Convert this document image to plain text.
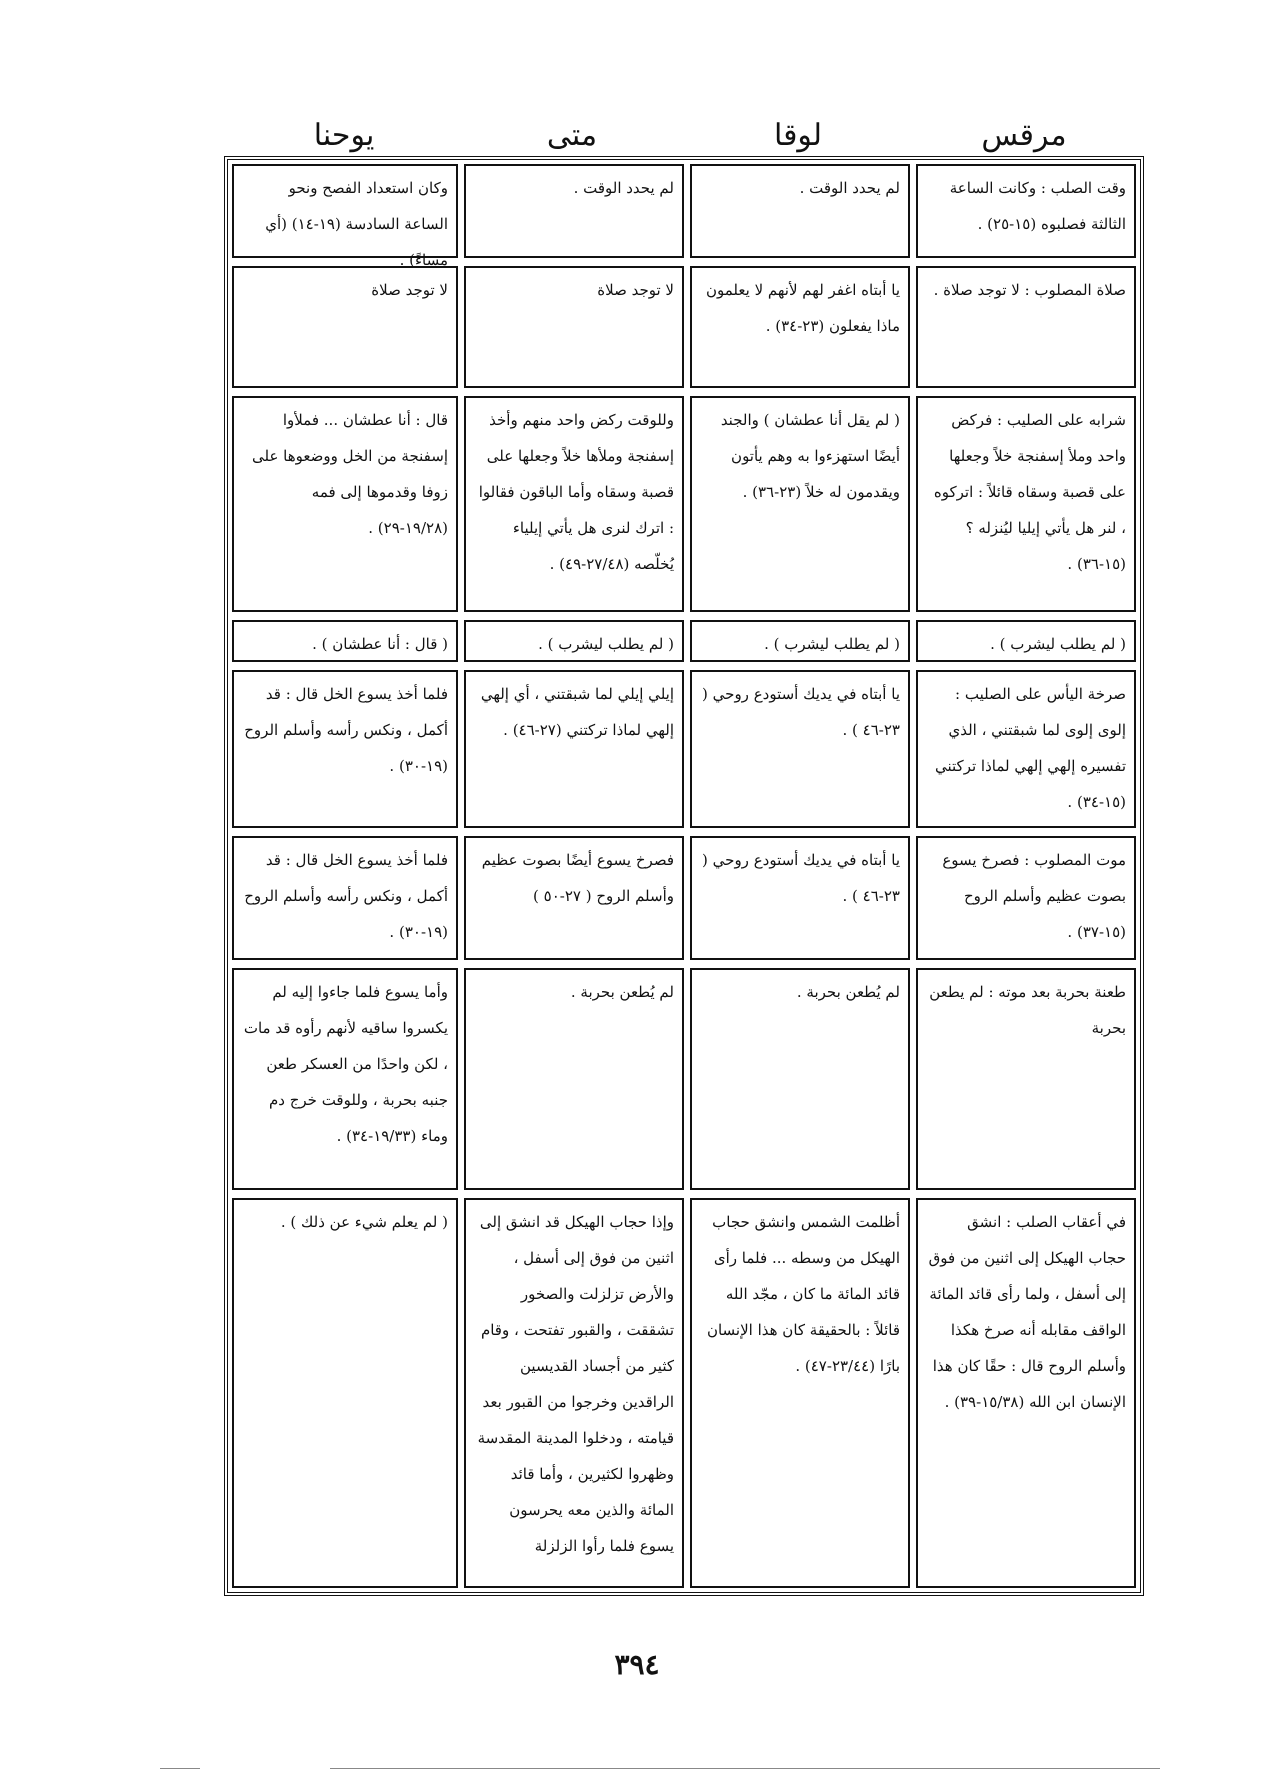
مرقس
لوقا
متى
يوحنا
وقت الصلب : وكانت الساعة الثالثة فصلبوه (١٥-٢٥) .
لم يحدد الوقت .
لم يحدد الوقت .
وكان استعداد الفصح ونحو الساعة السادسة (١٩-١٤) (أي مساءً) .
صلاة المصلوب : لا توجد صلاة .
يا أبتاه اغفر لهم لأنهم لا يعلمون ماذا يفعلون (٢٣-٣٤) .
لا توجد صلاة
لا توجد صلاة
شرابه على الصليب : فركض واحد وملأ إسفنجة خلاً وجعلها على قصبة وسقاه قائلاً : اتركوه ، لنر هل يأتي إيليا ليُنزله ؟ (١٥-٣٦) .
( لم يقل أنا عطشان ) والجند أيضًا استهزءوا به وهم يأتون ويقدمون له خلاً (٢٣-٣٦) .
وللوقت ركض واحد منهم وأخذ إسفنجة وملأها خلاً وجعلها على قصبة وسقاه وأما الباقون فقالوا : اترك لنرى هل يأتي إيلياء يُخلّصه (٢٧/٤٨-٤٩) .
قال : أنا عطشان ... فملأوا إسفنجة من الخل ووضعوها على زوفا وقدموها إلى فمه (١٩/٢٨-٢٩) .
( لم يطلب ليشرب ) .
( لم يطلب ليشرب ) .
( لم يطلب ليشرب ) .
( قال : أنا عطشان ) .
صرخة اليأس على الصليب : إلوى إلوى لما شبقتني ، الذي تفسيره إلهي إلهي لماذا تركتني (١٥-٣٤) .
يا أبتاه في يديك أستودع روحي ( ٢٣-٤٦ ) .
إيلي إيلي لما شبقتني ، أي إلهي إلهي لماذا تركتني (٢٧-٤٦) .
فلما أخذ يسوع الخل قال : قد أكمل ، ونكس رأسه وأسلم الروح (١٩-٣٠) .
موت المصلوب : فصرخ يسوع بصوت عظيم وأسلم الروح (١٥-٣٧) .
يا أبتاه في يديك أستودع روحي ( ٢٣-٤٦ ) .
فصرخ يسوع أيضًا بصوت عظيم وأسلم الروح ( ٢٧-٥٠ )
فلما أخذ يسوع الخل قال : قد أكمل ، ونكس رأسه وأسلم الروح (١٩-٣٠) .
طعنة بحربة بعد موته : لم يطعن بحربة
لم يُطعن بحربة .
لم يُطعن بحربة .
وأما يسوع فلما جاءوا إليه لم يكسروا ساقيه لأنهم رأوه قد مات ، لكن واحدًا من العسكر طعن جنبه بحربة ، وللوقت خرج دم وماء (١٩/٣٣-٣٤) .
في أعقاب الصلب : انشق حجاب الهيكل إلى اثنين من فوق إلى أسفل ، ولما رأى قائد المائة الواقف مقابله أنه صرخ هكذا وأسلم الروح قال : حقًا كان هذا الإنسان ابن الله (١٥/٣٨-٣٩) .
أظلمت الشمس وانشق حجاب الهيكل من وسطه ... فلما رأى قائد المائة ما كان ، مجّد الله قائلاً : بالحقيقة كان هذا الإنسان بارًا (٢٣/٤٤-٤٧) .
وإذا حجاب الهيكل قد انشق إلى اثنين من فوق إلى أسفل ، والأرض تزلزلت والصخور تشققت ، والقبور تفتحت ، وقام كثير من أجساد القديسين الراقدين وخرجوا من القبور بعد قيامته ، ودخلوا المدينة المقدسة وظهروا لكثيرين ، وأما قائد المائة والذين معه يحرسون يسوع فلما رأوا الزلزلة
( لم يعلم شيء عن ذلك ) .
٣٩٤
